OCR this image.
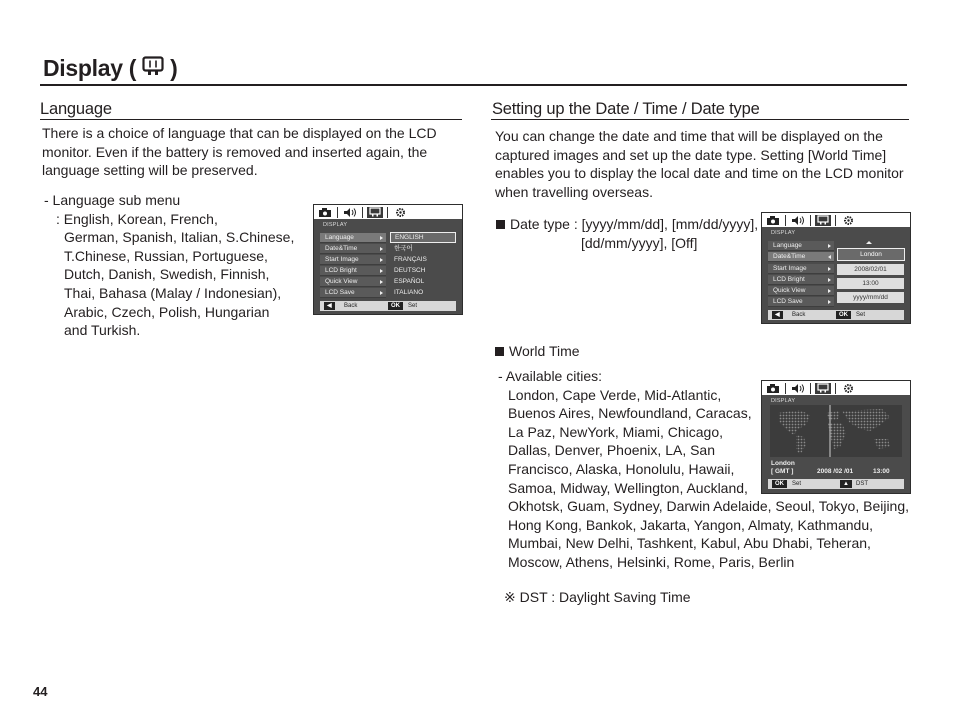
Display ( )
Language

There is a choice of language that can be displayed on the LCD

monitor. Even if the battery is removed and inserted again, the

language setting will be preserved.

- Language sub menu

: English, Korean, French,

German, Spanish, Italian, S.Chinese,

T.Chinese, Russian, Portuguese,

Dutch, Danish, Swedish, Finnish,

Thai, Bahasa (Malay / Indonesian),

Arabic, Czech, Polish, Hungarian

and Turkish.

DISPLAY
Language
Date&Time
Start Image
LCD Bright
Quick View
LCD Save
ENGLISH
한국어
FRANÇAIS
DEUTSCH
ESPAÑOL
ITALIANO
◀	Back	OK	Set
Setting up the Date / Time / Date type

You can change the date and time that will be displayed on the

captured images and set up the date type. Setting [World Time]

enables you to display the local date and time on the LCD monitor

when travelling overseas.

Date type : [yyyy/mm/dd], [mm/dd/yyyy],

[dd/mm/yyyy], [Off]

DISPLAY
Language
Date&Time
Start Image
LCD Bright
Quick View
LCD Save
London
2008/02/01
13:00
yyyy/mm/dd
◀	Back	OK	Set

World Time

- Available cities:

London, Cape Verde, Mid-Atlantic,

Buenos Aires, Newfoundland, Caracas,

La Paz, NewYork, Miami, Chicago,

Dallas, Denver, Phoenix, LA, San

Francisco, Alaska, Honolulu, Hawaii,

Samoa, Midway, Wellington, Auckland,

Okhotsk, Guam, Sydney, Darwin Adelaide, Seoul, Tokyo, Beijing,

Hong Kong, Bankok, Jakarta, Yangon, Almaty, Kathmandu,

Mumbai, New Delhi, Tashkent, Kabul, Abu Dhabi, Teheran,

Moscow, Athens, Helsinki, Rome, Paris, Berlin

※ DST : Daylight Saving Time
DISPLAY
London
[ GMT ]	2008 /02 /01	13:00
OK	Set	▲	DST
44
